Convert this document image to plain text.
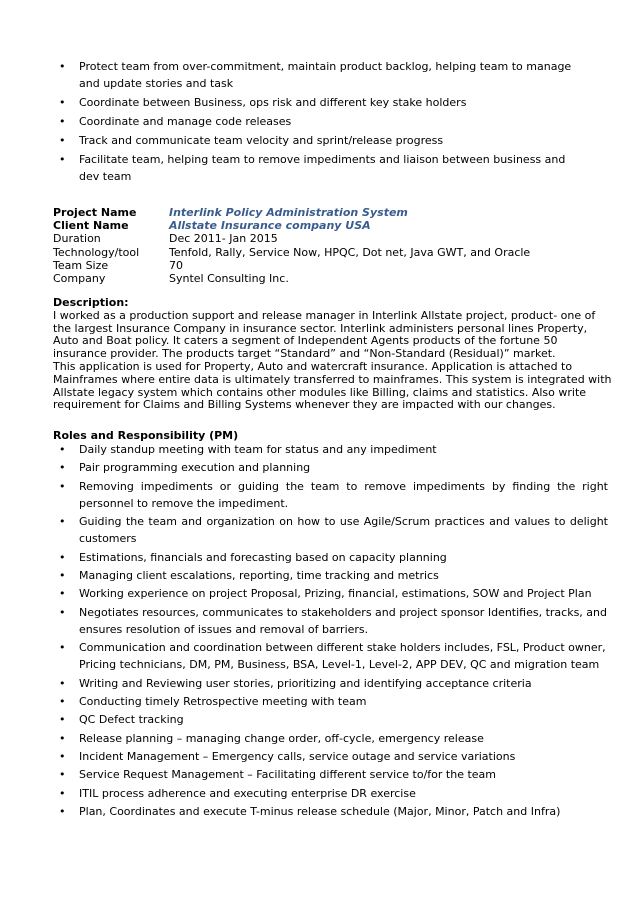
• Protect team from over-commitment, maintain product backlog, helping team to manage and update stories and task
• Coordinate between Business, ops risk and different key stake holders
• Coordinate and manage code releases
• Track and communicate team velocity and sprint/release progress
• Facilitate team, helping team to remove impediments and liaison between business and dev team
Project Name	Interlink Policy Administration System
Client Name	Allstate Insurance company USA
Duration	Dec 2011- Jan 2015
Technology/tool	Tenfold, Rally, Service Now, HPQC, Dot net, Java GWT, and Oracle
Team Size	70
Company	Syntel Consulting Inc.
Description:

I worked as a production support and release manager in Interlink Allstate project, product- one of the largest Insurance Company in insurance sector. Interlink administers personal lines Property, Auto and Boat policy. It caters a segment of Independent Agents products of the fortune 50 insurance provider. The products target “Standard” and “Non-Standard (Residual)” market.

This application is used for Property, Auto and watercraft insurance. Application is attached to Mainframes where entire data is ultimately transferred to mainframes. This system is integrated with Allstate legacy system which contains other modules like Billing, claims and statistics. Also write requirement for Claims and Billing Systems whenever they are impacted with our changes.

Roles and Responsibility (PM)
• Daily standup meeting with team for status and any impediment
• Pair programming execution and planning
• Removing impediments or guiding the team to remove impediments by finding the right personnel to remove the impediment.
• Guiding the team and organization on how to use Agile/Scrum practices and values to delight customers
• Estimations, financials and forecasting based on capacity planning
• Managing client escalations, reporting, time tracking and metrics
• Working experience on project Proposal, Prizing, financial, estimations, SOW and Project Plan
• Negotiates resources, communicates to stakeholders and project sponsor Identifies, tracks, and ensures resolution of issues and removal of barriers.
• Communication and coordination between different stake holders includes, FSL, Product owner, Pricing technicians, DM, PM, Business, BSA, Level-1, Level-2, APP DEV, QC and migration team
• Writing and Reviewing user stories, prioritizing and identifying acceptance criteria
• Conducting timely Retrospective meeting with team
• QC Defect tracking
• Release planning – managing change order, off-cycle, emergency release
• Incident Management – Emergency calls, service outage and service variations
• Service Request Management – Facilitating different service to/for the team
• ITIL process adherence and executing enterprise DR exercise
• Plan, Coordinates and execute T-minus release schedule (Major, Minor, Patch and Infra)
